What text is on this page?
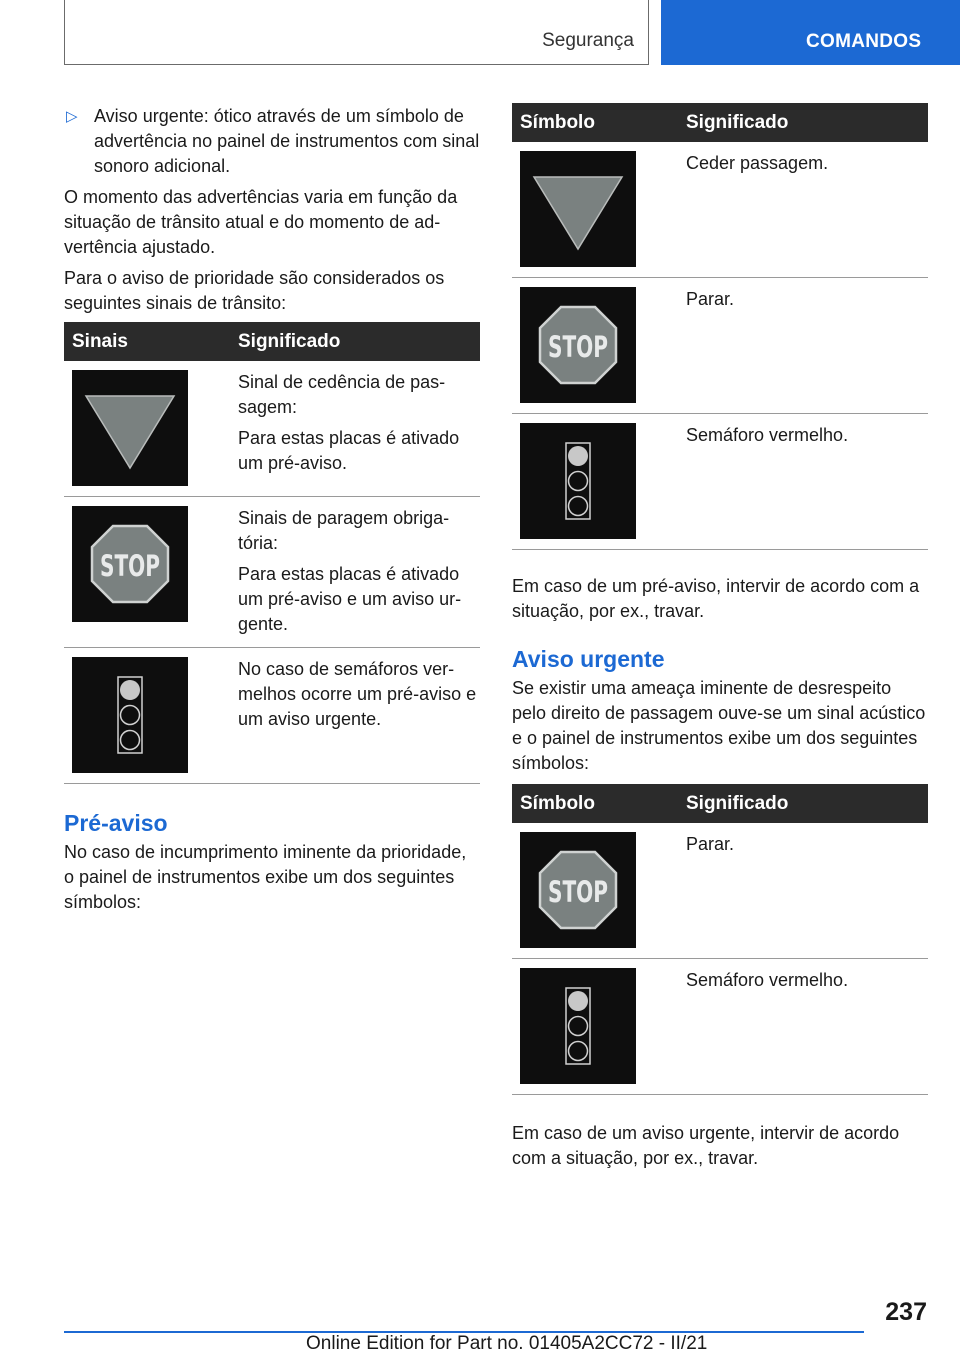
Segurança	COMANDOS
▷ Aviso urgente: ótico através de um símbolo de advertência no painel de instrumentos com sinal sonoro adicional.
O momento das advertências varia em função da situação de trânsito atual e do momento de advertência ajustado.
Para o aviso de prioridade são considerados os seguintes sinais de trânsito:
Sinais	Significado

Sinal de cedência de passagem:
Para estas placas é ativado um pré-aviso.

STOP	Sinais de paragem obrigatória:
Para estas placas é ativado um pré-aviso e um aviso urgente.

No caso de semáforos vermelhos ocorre um pré-aviso e um aviso urgente.
Pré-aviso
No caso de incumprimento iminente da prioridade, o painel de instrumentos exibe um dos seguintes símbolos:
Símbolo	Significado

Ceder passagem.

STOP	Parar.

Semáforo vermelho.
Em caso de um pré-aviso, intervir de acordo com a situação, por ex., travar.
Aviso urgente
Se existir uma ameaça iminente de desrespeito pelo direito de passagem ouve-se um sinal acústico e o painel de instrumentos exibe um dos seguintes símbolos:
Símbolo	Significado

STOP	Parar.

Semáforo vermelho.
Em caso de um aviso urgente, intervir de acordo com a situação, por ex., travar.
237
Online Edition for Part no. 01405A2CC72 - II/21
